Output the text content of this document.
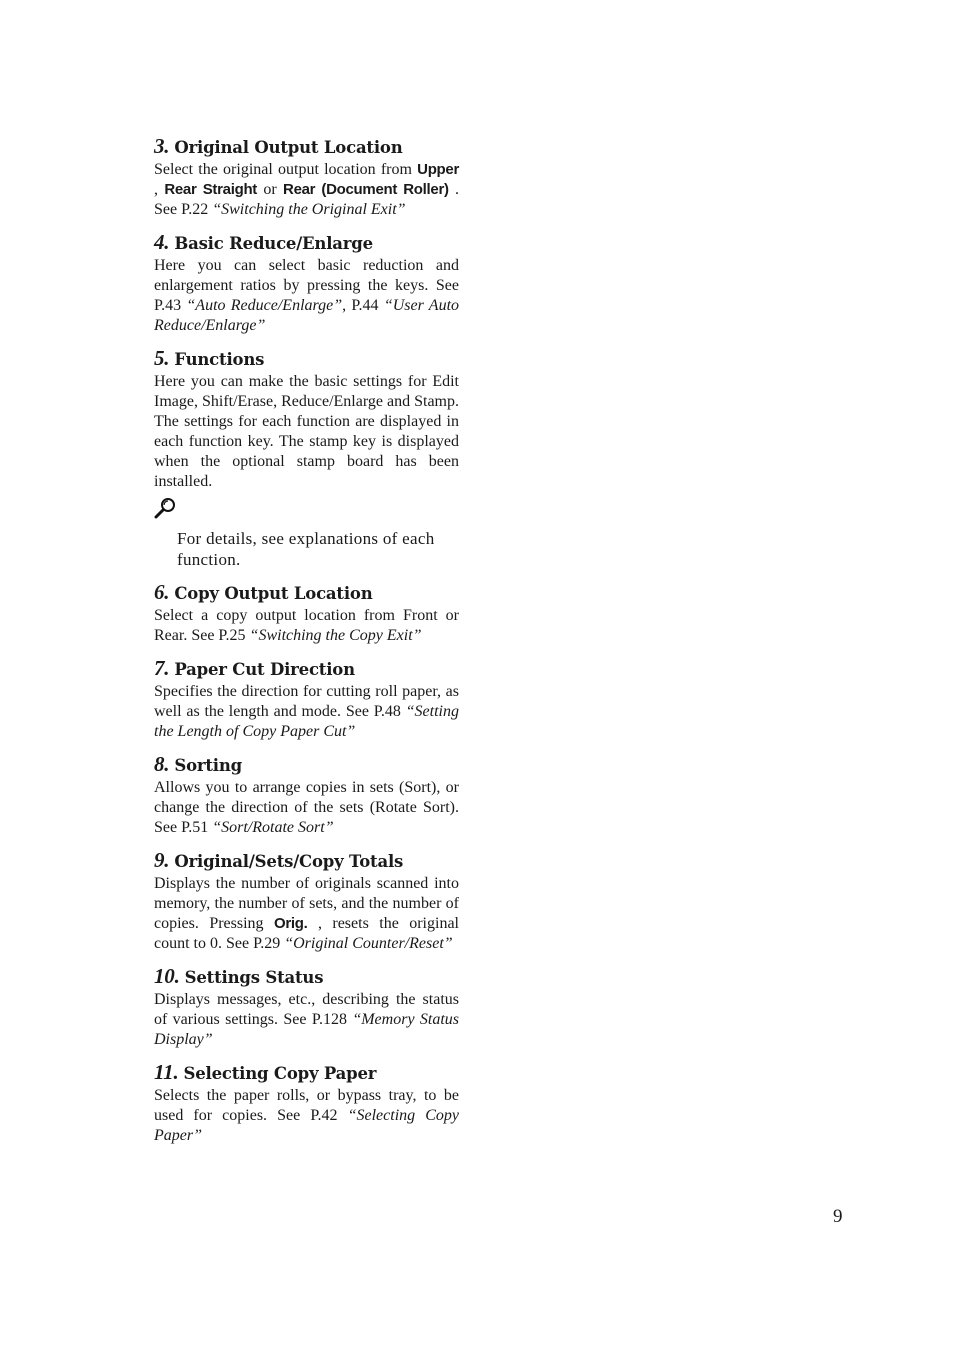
3. Original Output Location

Select the original output location from Upper , Rear Straight or Rear (Document Roller) . See P.22 “Switching the Original Exit”

4. Basic Reduce/Enlarge

Here you can select basic reduction and enlargement ratios by pressing the keys. See P.43 “Auto Reduce/Enlarge”, P.44 “User Auto Reduce/Enlarge”

5. Functions

Here you can make the basic settings for Edit Image, Shift/Erase, Reduce/Enlarge and Stamp. The settings for each function are displayed in each function key. The stamp key is displayed when the optional stamp board has been installed.

For details, see explanations of each function.

6. Copy Output Location

Select a copy output location from Front or Rear. See P.25 “Switching the Copy Exit”

7. Paper Cut Direction

Specifies the direction for cutting roll paper, as well as the length and mode. See P.48 “Setting the Length of Copy Paper Cut”

8. Sorting

Allows you to arrange copies in sets (Sort), or change the direction of the sets (Rotate Sort). See P.51 “Sort/Rotate Sort”

9. Original/Sets/Copy Totals

Displays the number of originals scanned into memory, the number of sets, and the number of copies. Pressing Orig. , resets the original count to 0. See P.29 “Original Counter/Reset”

10. Settings Status

Displays messages, etc., describing the status of various settings. See P.128 “Memory Status Display”

11. Selecting Copy Paper

Selects the paper rolls, or bypass tray, to be used for copies. See P.42 “Selecting Copy Paper”

9
